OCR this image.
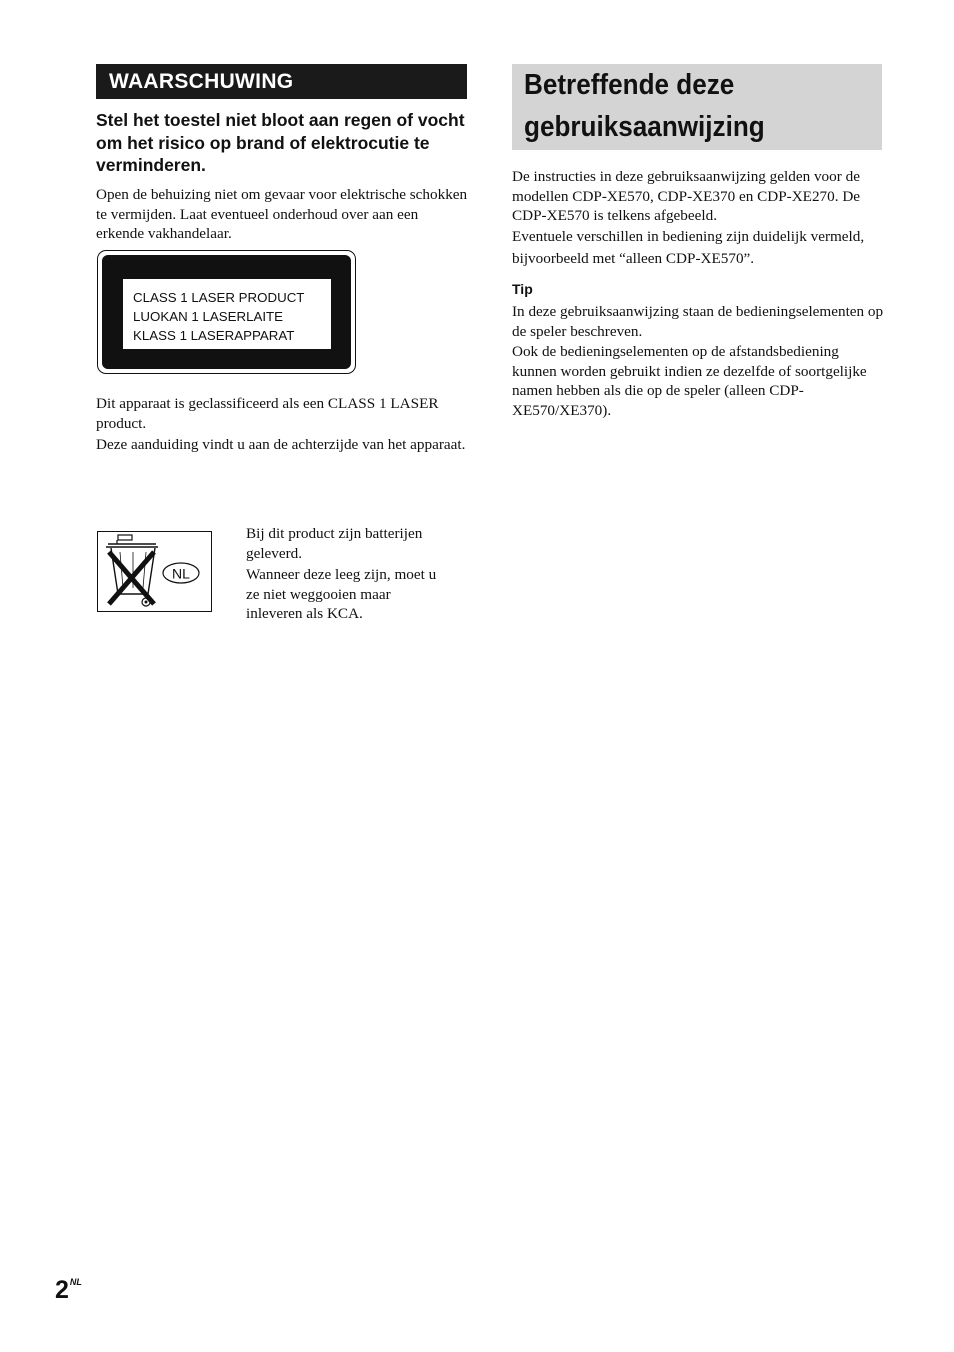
WAARSCHUWING
Stel het toestel niet bloot aan regen of vocht om het risico op brand of elektrocutie te verminderen.

Open de behuizing niet om gevaar voor elektrische schokken te vermijden. Laat eventueel onderhoud over aan een erkende vakhandelaar.

CLASS 1 LASER PRODUCT
LUOKAN 1 LASERLAITE
KLASS 1 LASERAPPARAT

Dit apparaat is geclassificeerd als een CLASS 1 LASER product.

Deze aanduiding vindt u aan de achterzijde van het apparaat.

NL

Bij dit product zijn batterijen geleverd.

Wanneer deze leeg zijn, moet u ze niet weggooien maar inleveren als KCA.

Betreffende deze
gebruiksaanwijzing

De instructies in deze gebruiksaanwijzing gelden voor de modellen CDP-XE570, CDP-XE370 en CDP-XE270. De CDP-XE570 is telkens afgebeeld.

Eventuele verschillen in bediening zijn duidelijk vermeld, bijvoorbeeld met “alleen CDP-XE570”.

Tip

In deze gebruiksaanwijzing staan de bedieningselementen op de speler beschreven.

Ook de bedieningselementen op de afstandsbediening kunnen worden gebruikt indien ze dezelfde of soortgelijke namen hebben als die op de speler (alleen CDP-XE570/XE370).

$2^{NL}$
